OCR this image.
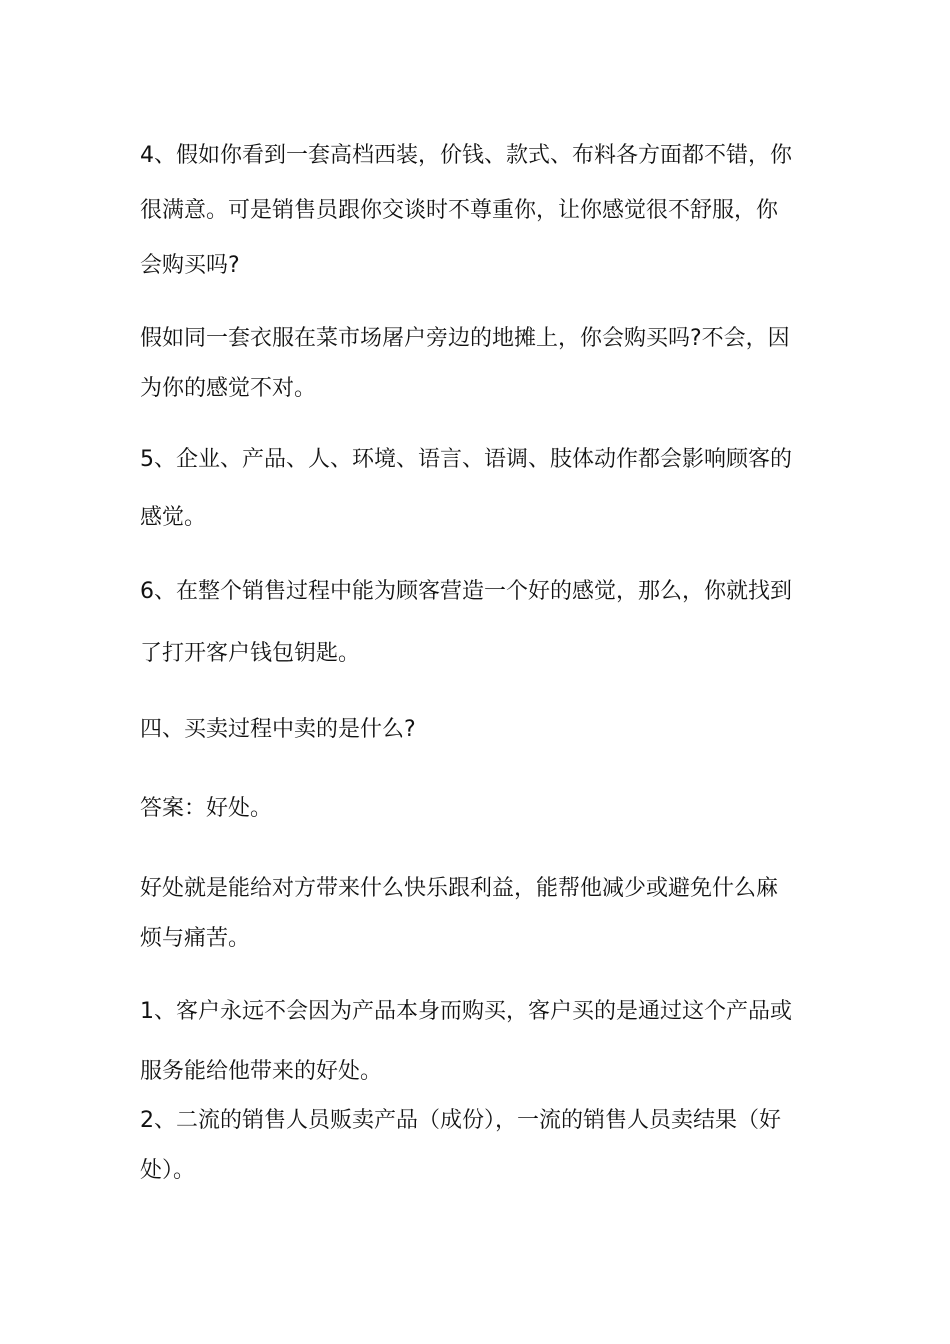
4、假如你看到一套高档西装，价钱、款式、布料各方面都不错，你
很满意。可是销售员跟你交谈时不尊重你，让你感觉很不舒服，你
会购买吗?
假如同一套衣服在菜市场屠户旁边的地摊上，你会购买吗?不会，因
为你的感觉不对。
5、企业、产品、人、环境、语言、语调、肢体动作都会影响顾客的
感觉。
6、在整个销售过程中能为顾客营造一个好的感觉，那么，你就找到
了打开客户钱包钥匙。
四、买卖过程中卖的是什么?
答案：好处。
好处就是能给对方带来什么快乐跟利益，能帮他减少或避免什么麻
烦与痛苦。
1、客户永远不会因为产品本身而购买，客户买的是通过这个产品或
服务能给他带来的好处。
2、二流的销售人员贩卖产品（成份），一流的销售人员卖结果（好
处）。
